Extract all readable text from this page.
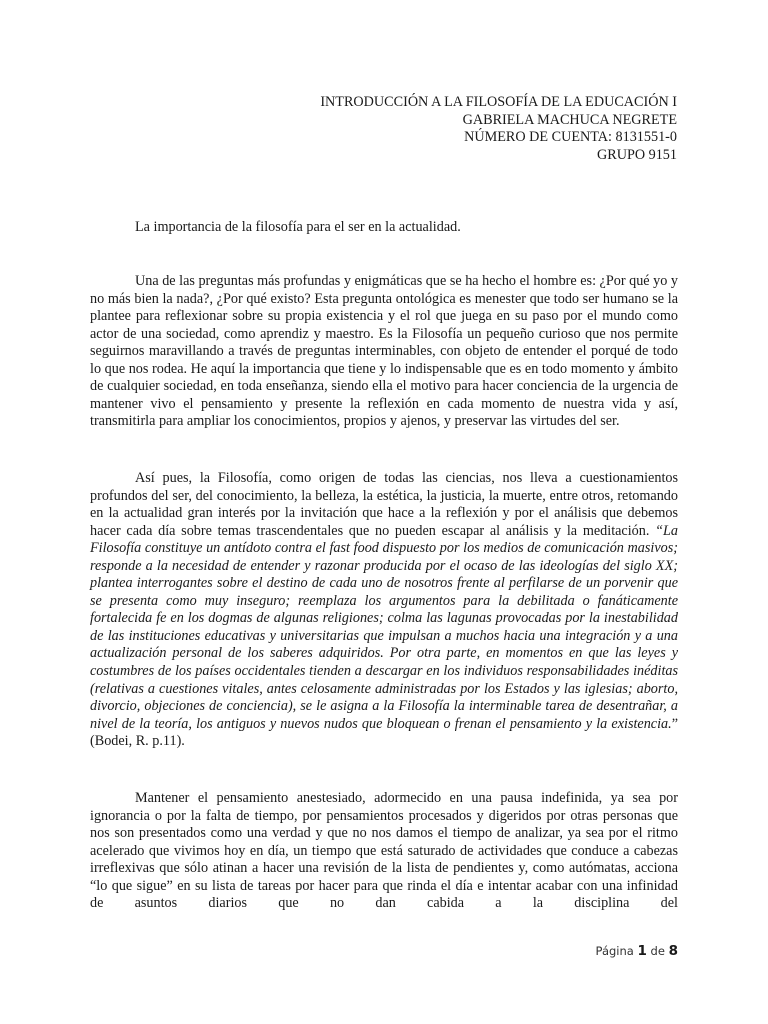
INTRODUCCIÓN A LA FILOSOFÍA DE LA EDUCACIÓN I
GABRIELA MACHUCA NEGRETE
NÚMERO DE CUENTA: 8131551-0
GRUPO 9151
La importancia de la filosofía para el ser en la actualidad.

Una de las preguntas más profundas y enigmáticas que se ha hecho el hombre es: ¿Por qué yo y no más bien la nada?, ¿Por qué existo? Esta pregunta ontológica es menester que todo ser humano se la plantee para reflexionar sobre su propia existencia y el rol que juega en su paso por el mundo como actor de una sociedad, como aprendiz y maestro. Es la Filosofía un pequeño curioso que nos permite seguirnos maravillando a través de preguntas interminables, con objeto de entender el porqué de todo lo que nos rodea. He aquí la importancia que tiene y lo indispensable que es en todo momento y ámbito de cualquier sociedad, en toda enseñanza, siendo ella el motivo para hacer conciencia de la urgencia de mantener vivo el pensamiento y presente la reflexión en cada momento de nuestra vida y así, transmitirla para ampliar los conocimientos, propios y ajenos, y preservar las virtudes del ser.

Así pues, la Filosofía, como origen de todas las ciencias, nos lleva a cuestionamientos profundos del ser, del conocimiento, la belleza, la estética, la justicia, la muerte, entre otros, retomando en la actualidad gran interés por la invitación que hace a la reflexión y por el análisis que debemos hacer cada día sobre temas trascendentales que no pueden escapar al análisis y la meditación. “La Filosofía constituye un antídoto contra el fast food dispuesto por los medios de comunicación masivos; responde a la necesidad de entender y razonar producida por el ocaso de las ideologías del siglo XX; plantea interrogantes sobre el destino de cada uno de nosotros frente al perfilarse de un porvenir que se presenta como muy inseguro; reemplaza los argumentos para la debilitada o fanáticamente fortalecida fe en los dogmas de algunas religiones; colma las lagunas provocadas por la inestabilidad de las instituciones educativas y universitarias que impulsan a muchos hacia una integración y a una actualización personal de los saberes adquiridos. Por otra parte, en momentos en que las leyes y costumbres de los países occidentales tienden a descargar en los individuos responsabilidades inéditas (relativas a cuestiones vitales, antes celosamente administradas por los Estados y las iglesias; aborto, divorcio, objeciones de conciencia), se le asigna a la Filosofía la interminable tarea de desentrañar, a nivel de la teoría, los antiguos y nuevos nudos que bloquean o frenan el pensamiento y la existencia.” (Bodei, R. p.11).

Mantener el pensamiento anestesiado, adormecido en una pausa indefinida, ya sea por ignorancia o por la falta de tiempo, por pensamientos procesados y digeridos por otras personas que nos son presentados como una verdad y que no nos damos el tiempo de analizar, ya sea por el ritmo acelerado que vivimos hoy en día, un tiempo que está saturado de actividades que conduce a cabezas irreflexivas que sólo atinan a hacer una revisión de la lista de pendientes y, como autómatas, acciona “lo que sigue” en su lista de tareas por hacer para que rinda el día e intentar acabar con una infinidad de asuntos diarios que no dan cabida a la disciplina del

Página 1 de 8
